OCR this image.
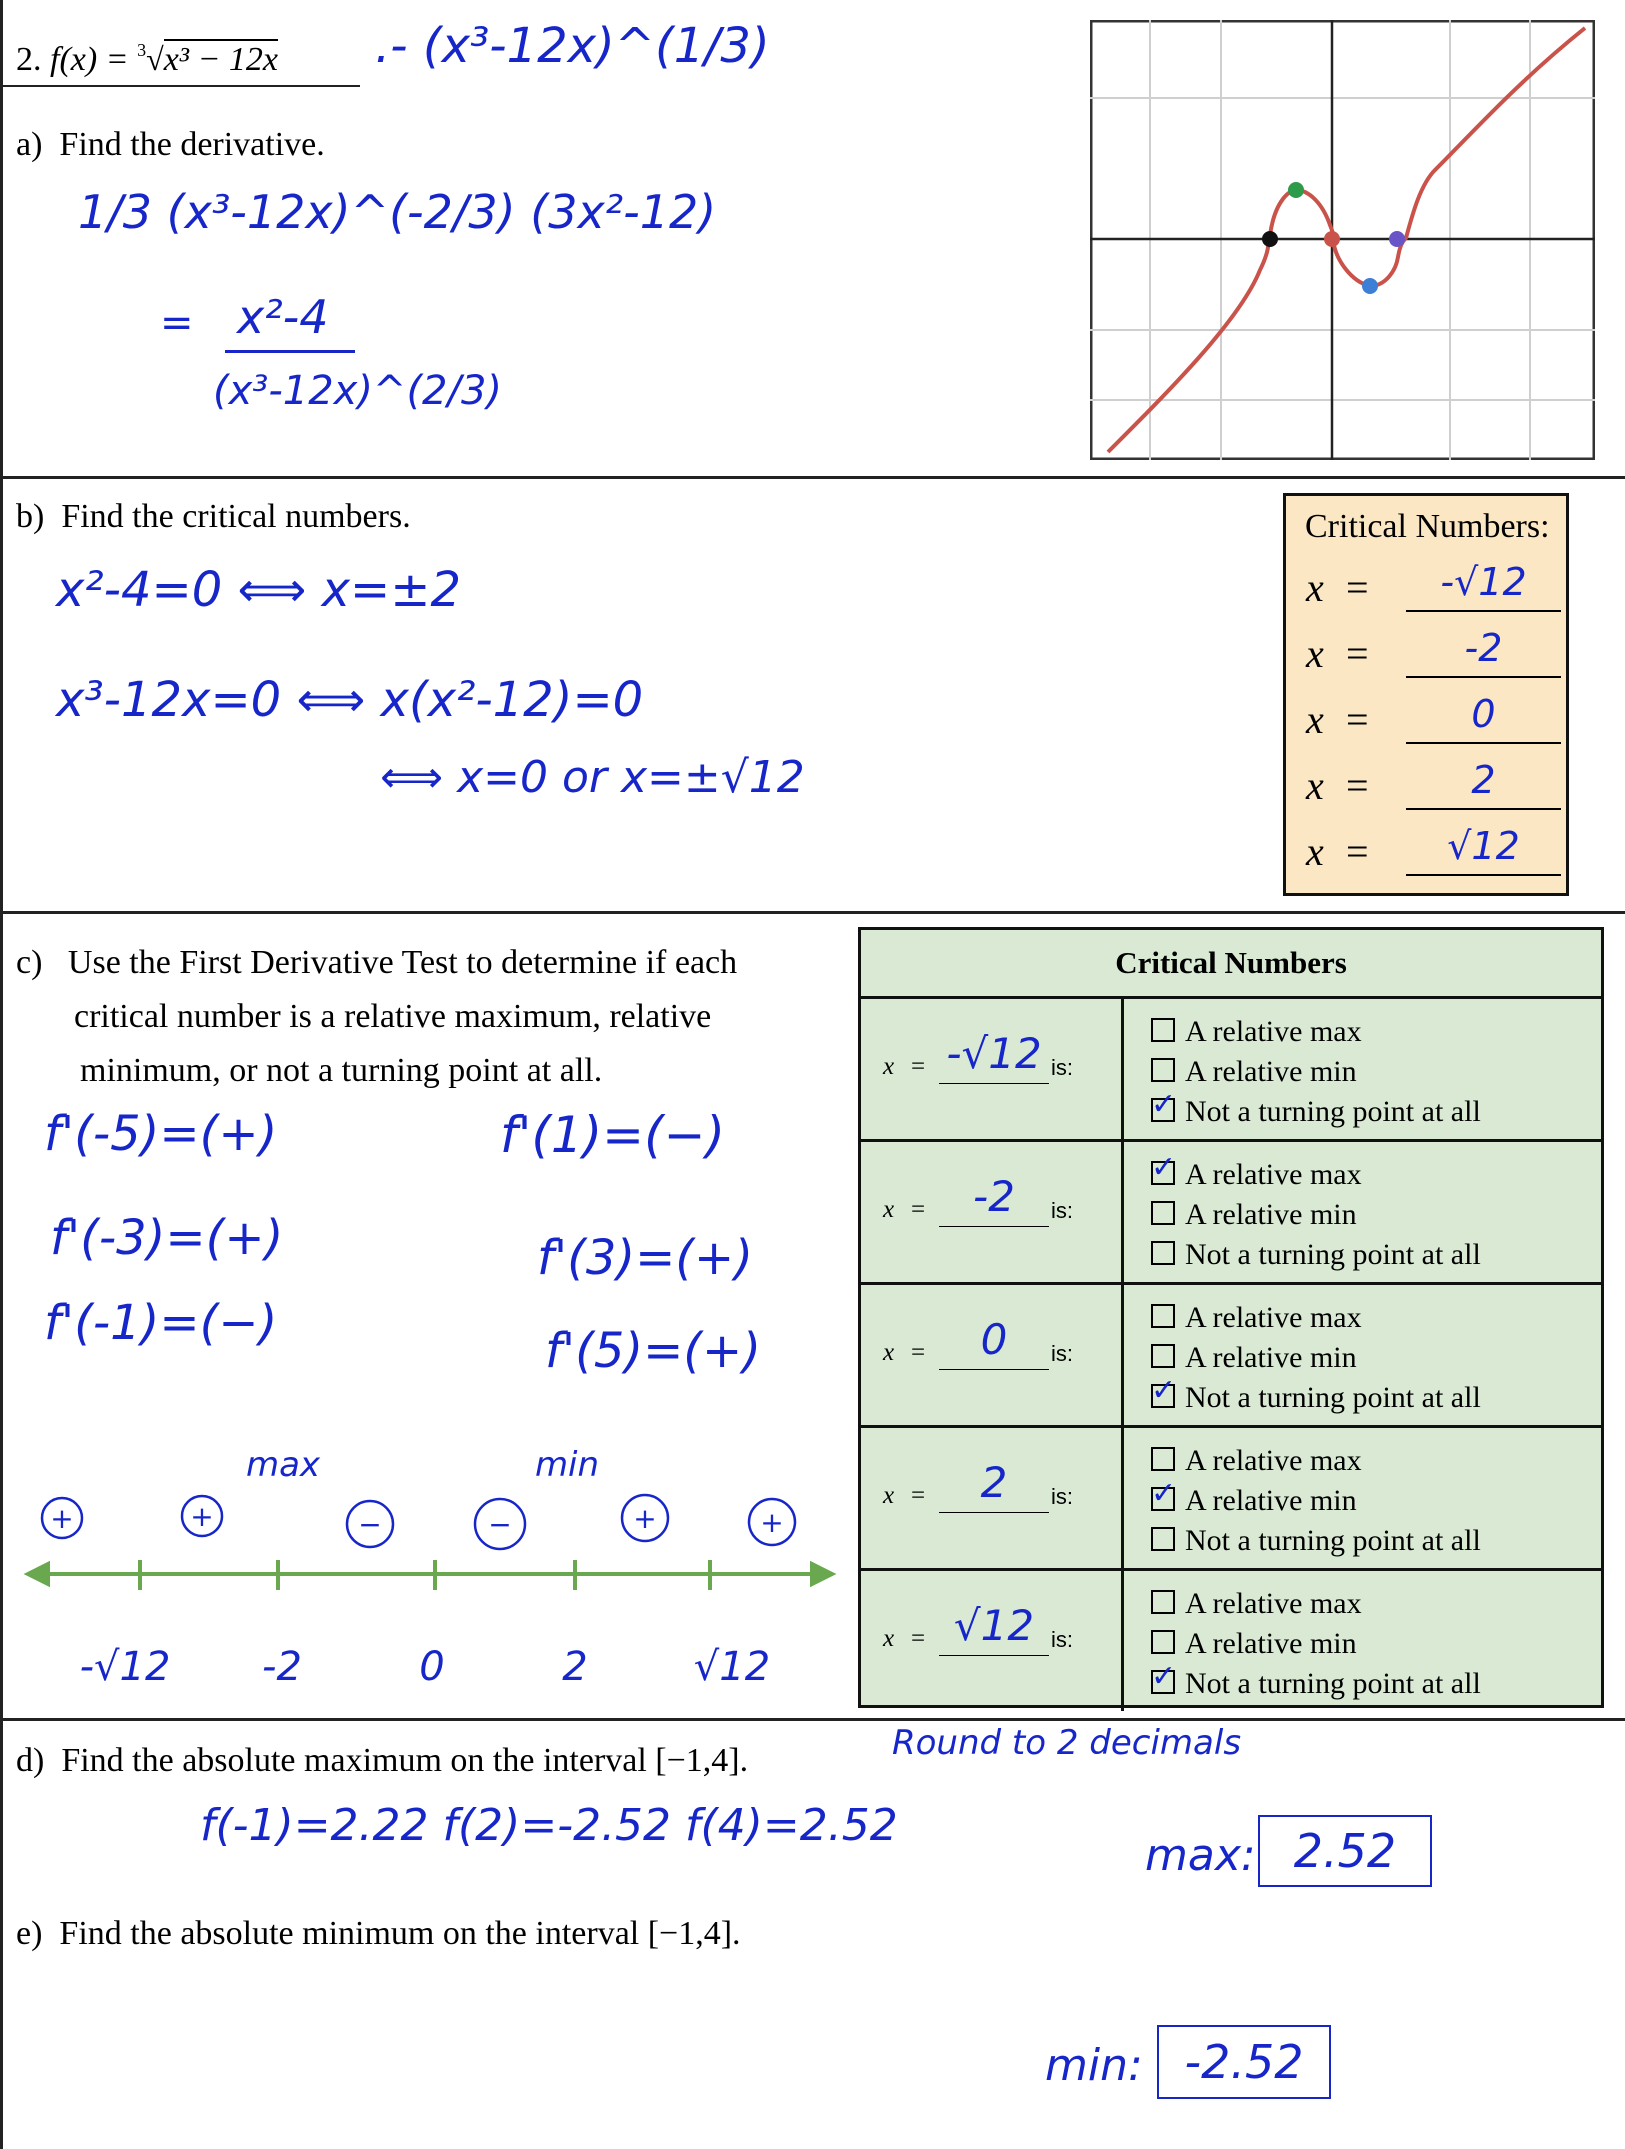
2. f(x) = $^3$√x³ − 12x .- (x³-12x)^(1/3)
a) Find the derivative.
1/3 (x³-12x)^(-2/3) (3x²-12)
= x²-4
(x³-12x)^(2/3)
b) Find the critical numbers.
x²-4=0 ⟺ x=±2
x³-12x=0 ⟺ x(x²-12)=0
⟺ x=0 or x=±√12
Critical Numbers:
x =	-√12
x =	-2
x =	0
x =	2
x =	√12
c) Use the First Derivative Test to determine if each
critical number is a relative maximum, relative
minimum, or not a turning point at all.
f'(-5)=(+)
f'(-3)=(+)
f'(-1)=(−)
f'(1)=(−)
f'(3)=(+)
f'(5)=(+)
+	+	−	−	+	+
max	min
-√12 -2	0	2	√12
Critical Numbers
x = -√12 is:
A relative max
A relative min
✓ Not a turning point at all
x =	-2	is:
✓ A relative max
A relative min
Not a turning point at all
x =	0	is:
A relative max
A relative min
✓ Not a turning point at all
x =	2	is:
A relative max
✓ A relative min
Not a turning point at all
x = √12 is:
A relative max
A relative min
✓ Not a turning point at all
d) Find the absolute maximum on the interval [−1,4].	Round to 2 decimals
f(-1)=2.22 f(2)=-2.52 f(4)=2.52
max: 2.52
e) Find the absolute minimum on the interval [−1,4].
min: -2.52
